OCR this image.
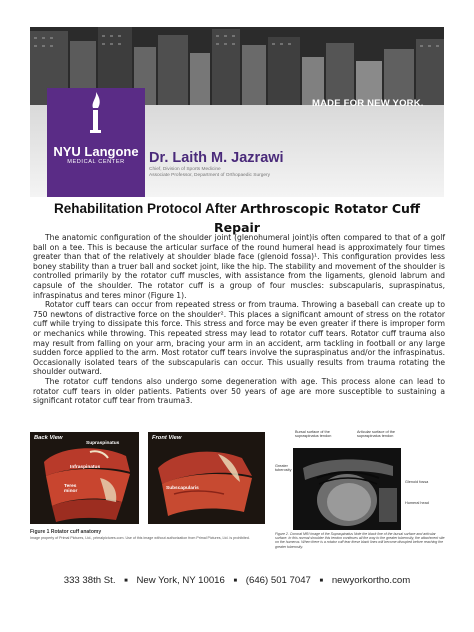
MADE FOR NEW YORK.
NYU Langone
MEDICAL CENTER	Dr. Laith M. Jazrawi
Chief, Division of Sports Medicine
Associate Professor, Department of Orthopaedic Surgery
Rehabilitation Protocol After Arthroscopic Rotator Cuff Repair

The anatomic configuration of the shoulder joint (glenohumeral joint)is often compared to that of a golf ball on a tee. This is because the articular surface of the round humeral head is approximately four times greater than that of the relatively at shoulder blade face (glenoid fossa)¹. This configuration provides less boney stability than a truer ball and socket joint, like the hip. The stability and movement of the shoulder is controlled primarily by the rotator cuff muscles, with assistance from the ligaments, glenoid labrum and capsule of the shoulder. The rotator cuff is a group of four muscles: subscapularis, supraspinatus, infraspinatus and teres minor (Figure 1).

Rotator cuff tears can occur from repeated stress or from trauma. Throwing a baseball can create up to 750 newtons of distractive force on the shoulder². This places a significant amount of stress on the rotator cuff while trying to dissipate this force. This stress and force may be even greater if there is improper form or mechanics while throwing. This repeated stress may lead to rotator cuff tears. Rotator cuff trauma also may result from falling on your arm, bracing your arm in an accident, arm tackling in football or any large sudden force applied to the arm. Most rotator cuff tears involve the supraspinatus and/or the infraspinatus. Occasionally isolated tears of the subscapularis can occur. This usually results from trauma rotating the shoulder outward.

The rotator cuff tendons also undergo some degeneration with age. This process alone can lead to rotator cuff tears in older patients. Patients over 50 years of age are more susceptible to sustaining a significant rotator cuff tear from trauma3.

Back View
Supraspinatus
Infraspinatus
Teres minor
Front View
Subscapularis
Figure 1 Rotator cuff anatomy
Image property of Primal Pictures, Ltd., primalpictures.com. Use of this image without authorization from Primal Pictures, Ltd. is prohibited.
Bursal surface of the supraspinatus tendon
Articular surface of the supraspinatus tendon
Greater tuberosity
Glenoid fossa
Humeral head
Figure 2. Coronal MRI image of the Supraspinatus Note the black line of the bursal surface and articular surface. In this normal shoulder this tendon continues all the way to the greater tuberosity, the attachment site on the humerus. When there is a rotator cuff tear these black lines will become disrupted before reaching the greater tuberosity.
333 38th St. ■ New York, NY 10016 ■ (646) 501 7047 ■ newyorkortho.com
